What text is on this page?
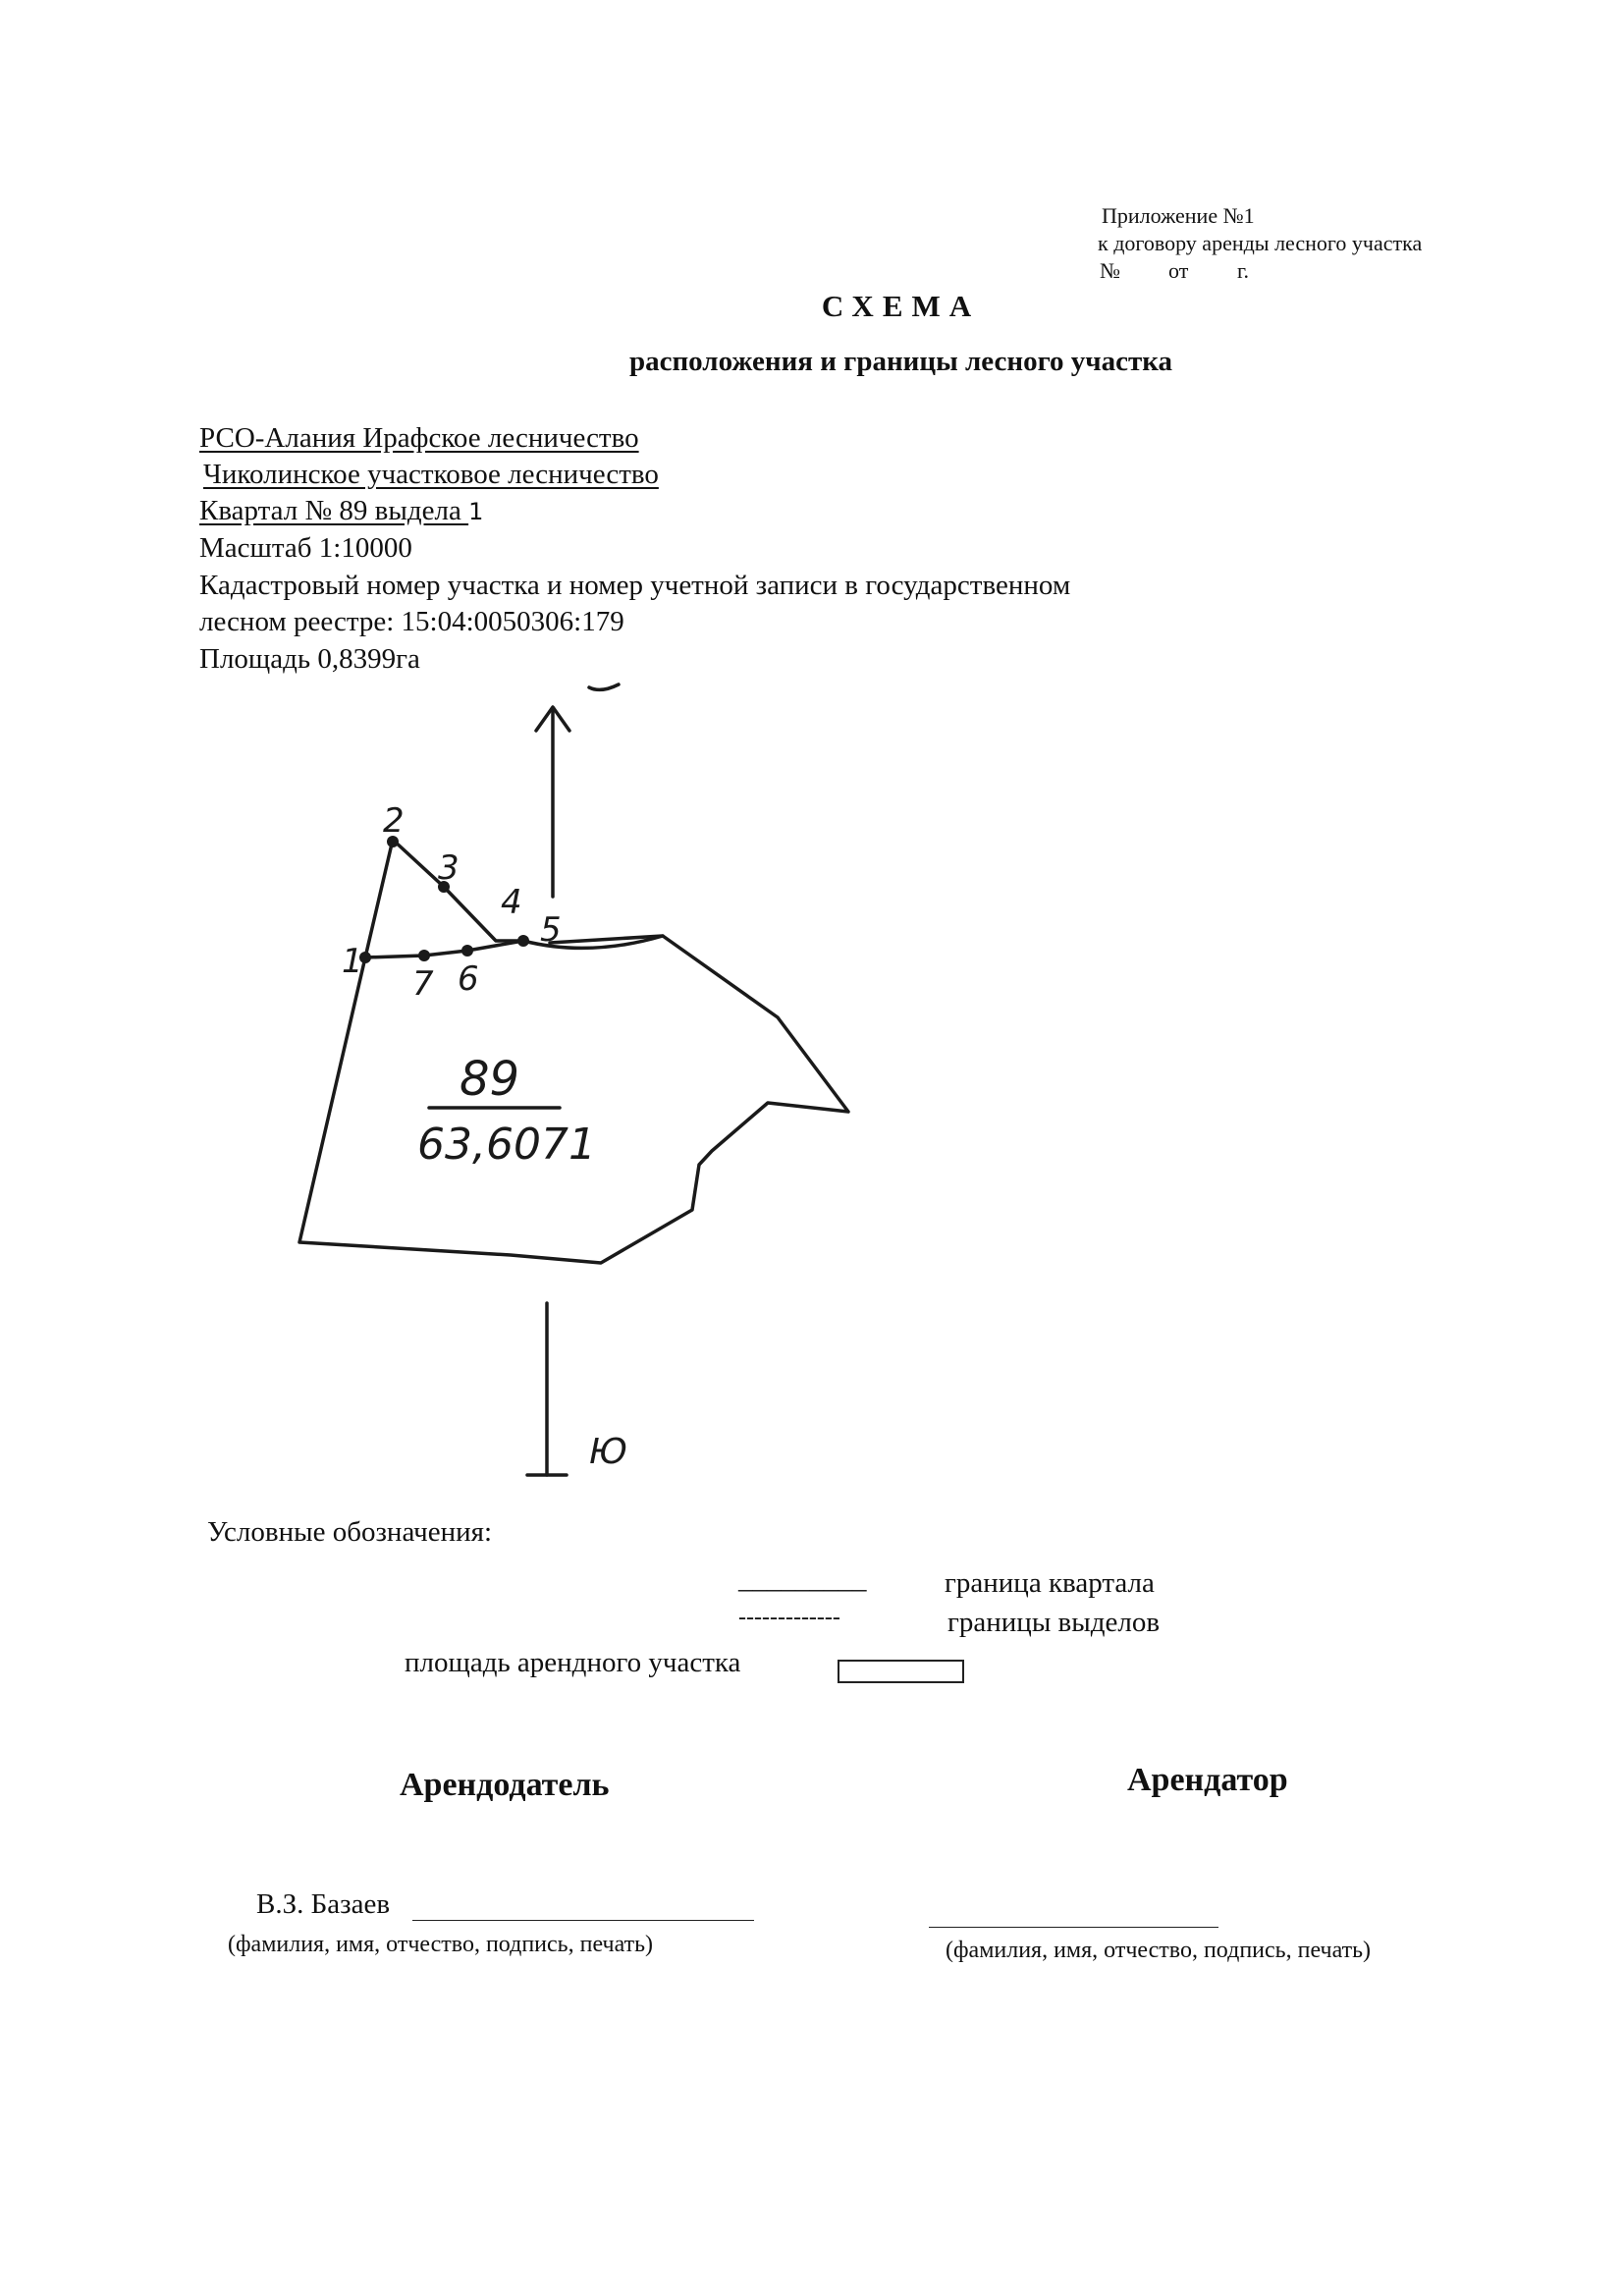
Приложение №1
к договору аренды лесного участка
№ от г.
СХЕМА
расположения и границы лесного участка
РСО-Алания Ирафское лесничество
Чиколинское участковое лесничество
Квартал № 89 выдела 1
Масштаб 1:10000
Кадастровый номер участка и номер учетной записи в государственном
лесном реестре: 15:04:0050306:179
Площадь 0,8399га
1
2
3
4
5
6
7
89
63,6071
Ю
Условные обозначения:
_________	граница квартала
-------------	границы выделов
площадь арендного участка
Арендодатель	Арендатор
В.З. Базаев
(фамилия, имя, отчество, подпись, печать)	(фамилия, имя, отчество, подпись, печать)
